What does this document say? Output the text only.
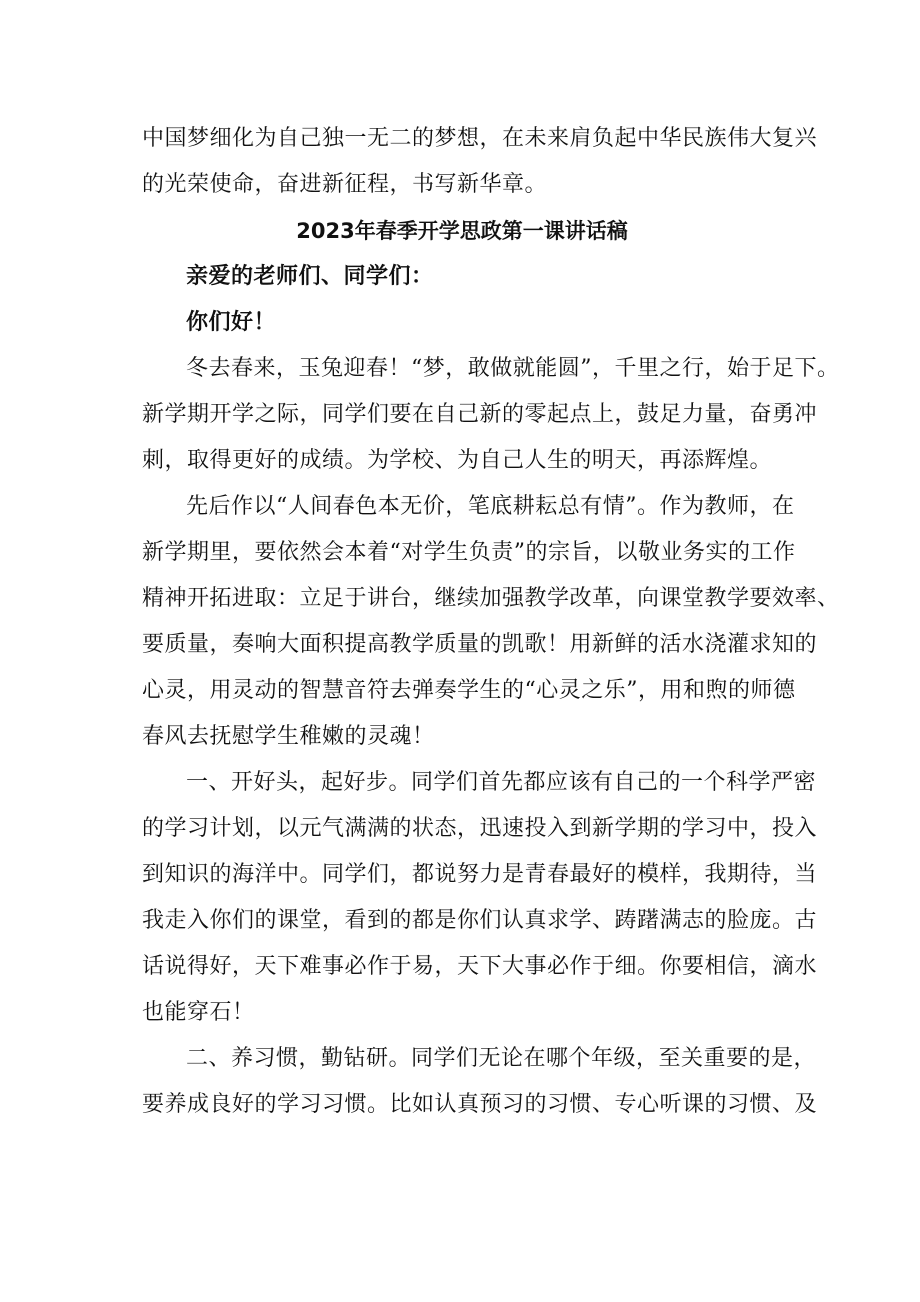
中国梦细化为自己独一无二的梦想，在未来肩负起中华民族伟大复兴
的光荣使命，奋进新征程，书写新华章。
2023年春季开学思政第一课讲话稿
亲爱的老师们、同学们：
你们好！
冬去春来，玉兔迎春！“梦，敢做就能圆”，千里之行，始于足下。
新学期开学之际，同学们要在自己新的零起点上，鼓足力量，奋勇冲
刺，取得更好的成绩。为学校、为自己人生的明天，再添辉煌。
先后作以“人间春色本无价，笔底耕耘总有情”。作为教师，在
新学期里，要依然会本着“对学生负责”的宗旨，以敬业务实的工作
精神开拓进取：立足于讲台，继续加强教学改革，向课堂教学要效率、
要质量，奏响大面积提高教学质量的凯歌！用新鲜的活水浇灌求知的
心灵，用灵动的智慧音符去弹奏学生的“心灵之乐”，用和煦的师德
春风去抚慰学生稚嫩的灵魂！
一、开好头，起好步。同学们首先都应该有自己的一个科学严密
的学习计划，以元气满满的状态，迅速投入到新学期的学习中，投入
到知识的海洋中。同学们，都说努力是青春最好的模样，我期待，当
我走入你们的课堂，看到的都是你们认真求学、踌躇满志的脸庞。古
话说得好，天下难事必作于易，天下大事必作于细。你要相信，滴水
也能穿石！
二、养习惯，勤钻研。同学们无论在哪个年级，至关重要的是，
要养成良好的学习习惯。比如认真预习的习惯、专心听课的习惯、及
